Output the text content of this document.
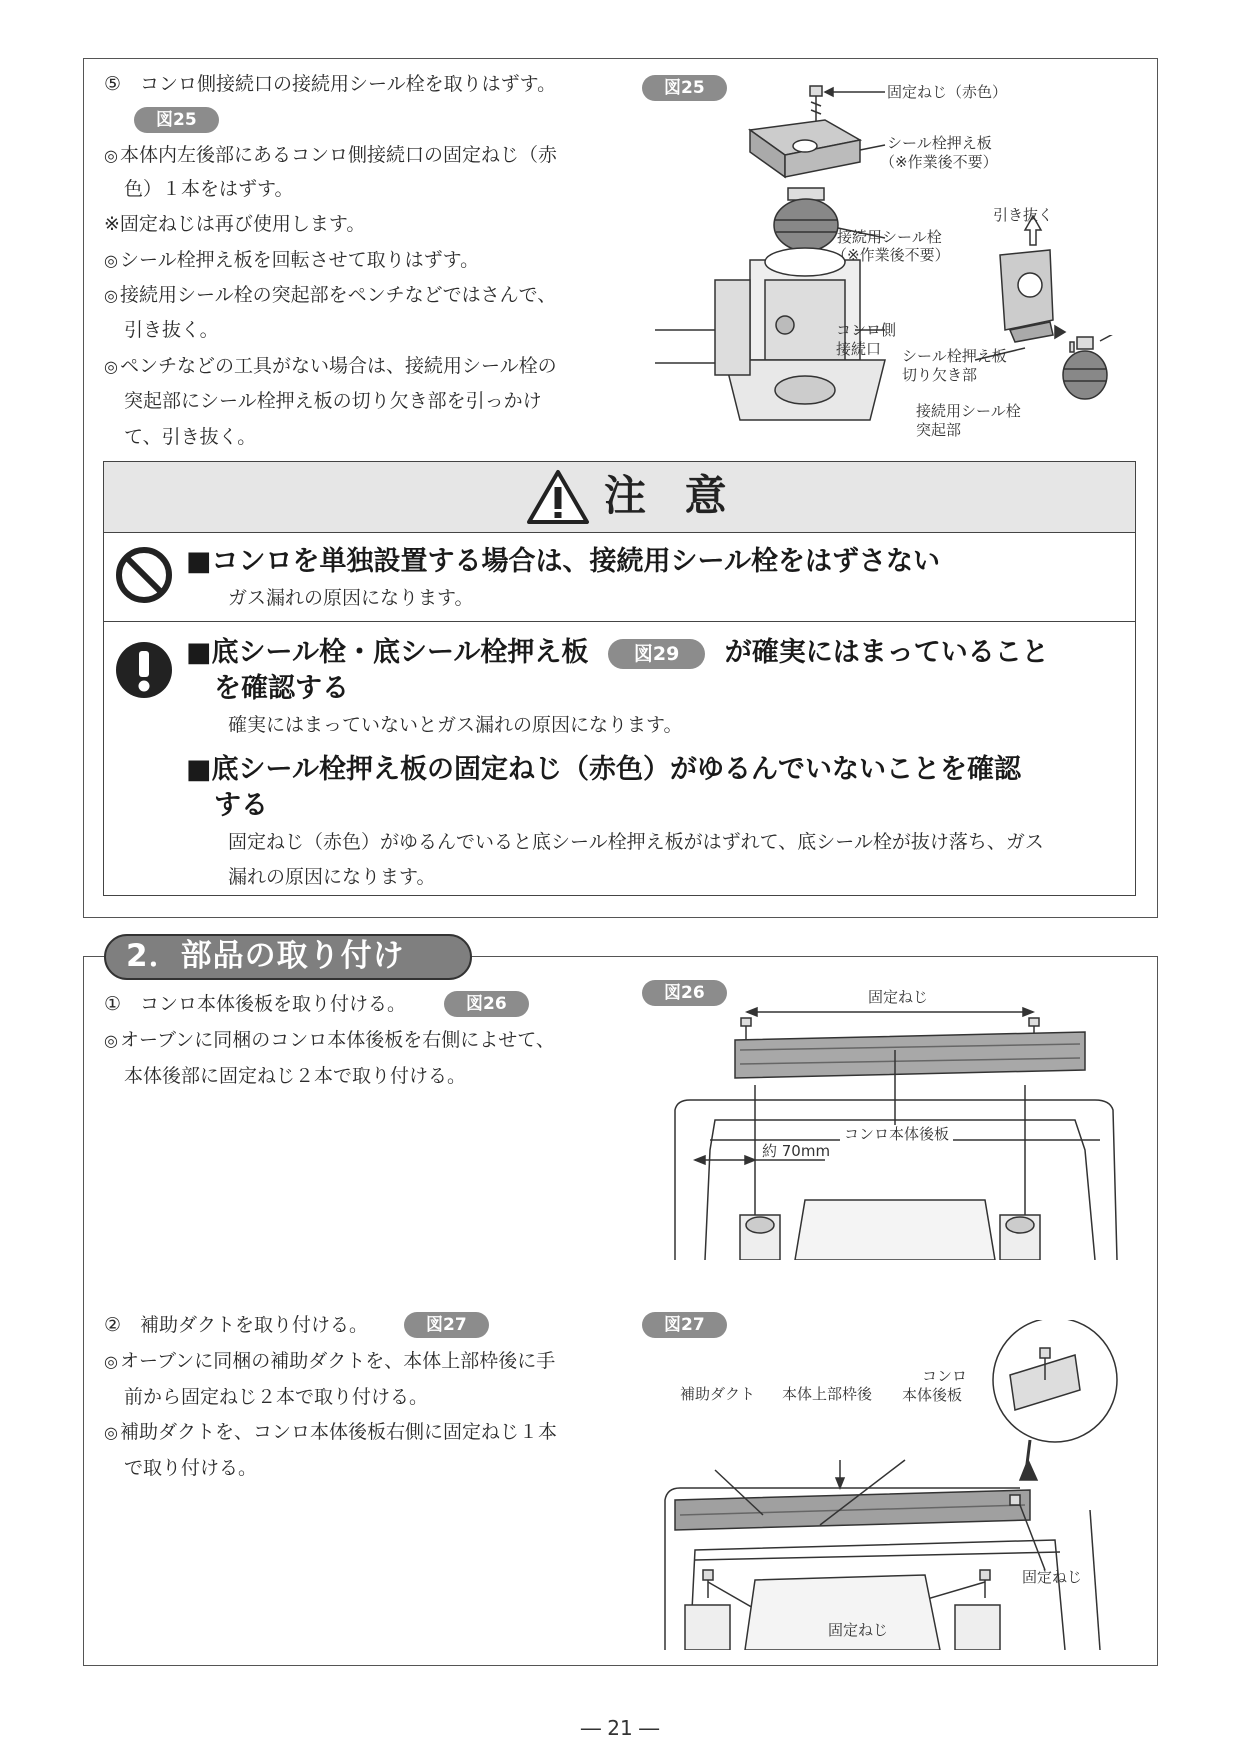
⑤　コンロ側接続口の接続用シール栓を取りはずす。
図25
◎ 本体内左後部にあるコンロ側接続口の固定ねじ（赤
色）１本をはずす。
※固定ねじは再び使用します。
◎ シール栓押え板を回転させて取りはずす。
◎ 接続用シール栓の突起部をペンチなどではさんで、
引き抜く。
◎ ペンチなどの工具がない場合は、接続用シール栓の
突起部にシール栓押え板の切り欠き部を引っかけ
て、引き抜く。
図25	固定ねじ（赤色）
シール栓押え板
（※作業後不要）
引き抜く
接続用シール栓
（※作業後不要）
コンロ側
接続口 シール栓押え板
切り欠き部
接続用シール栓
突起部
注 意
■コンロを単独設置する場合は、接続用シール栓をはずさない
ガス漏れの原因になります。
■底シール栓・底シール栓押え板 図29 が確実にはまっていること
を確認する
確実にはまっていないとガス漏れの原因になります。
■底シール栓押え板の固定ねじ（赤色）がゆるんでいないことを確認
する
固定ねじ（赤色）がゆるんでいると底シール栓押え板がはずれて、底シール栓が抜け落ち、ガス
漏れの原因になります。
2．部品の取り付け
①　コンロ本体後板を取り付ける。	図26
◎ オーブンに同梱のコンロ本体後板を右側によせて、
本体後部に固定ねじ２本で取り付ける。
図26	固定ねじ
コンロ本体後板
約 70mm
②　補助ダクトを取り付ける。	図27
◎ オーブンに同梱の補助ダクトを、本体上部枠後に手
前から固定ねじ２本で取り付ける。
◎ 補助ダクトを、コンロ本体後板右側に固定ねじ１本
で取り付ける。
図27
補助ダクト 本体上部枠後
コンロ
本体後板
固定ねじ
固定ねじ
― 21 ―
